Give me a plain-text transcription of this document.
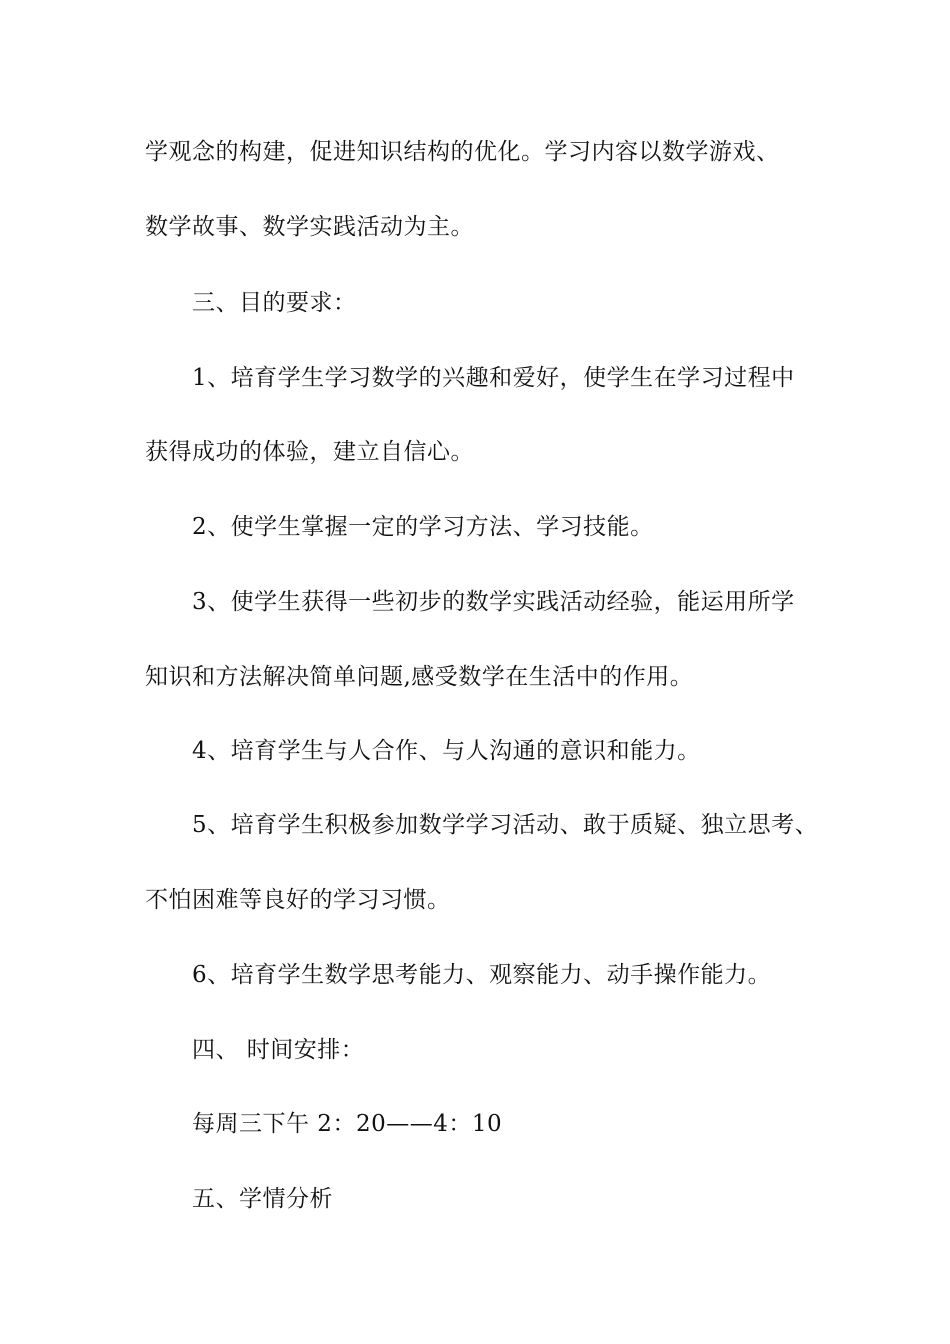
学观念的构建，促进知识结构的优化。学习内容以数学游戏、
数学故事、数学实践活动为主。
三、目的要求：
1、培育学生学习数学的兴趣和爱好，使学生在学习过程中
获得成功的体验，建立自信心。
2、使学生掌握一定的学习方法、学习技能。
3、使学生获得一些初步的数学实践活动经验，能运用所学
知识和方法解决简单问题,感受数学在生活中的作用。
4、培育学生与人合作、与人沟通的意识和能力。
5、培育学生积极参加数学学习活动、敢于质疑、独立思考、
不怕困难等良好的学习习惯。
6、培育学生数学思考能力、观察能力、动手操作能力。
四、 时间安排：
每周三下午 2：20——4：10
五、学情分析
